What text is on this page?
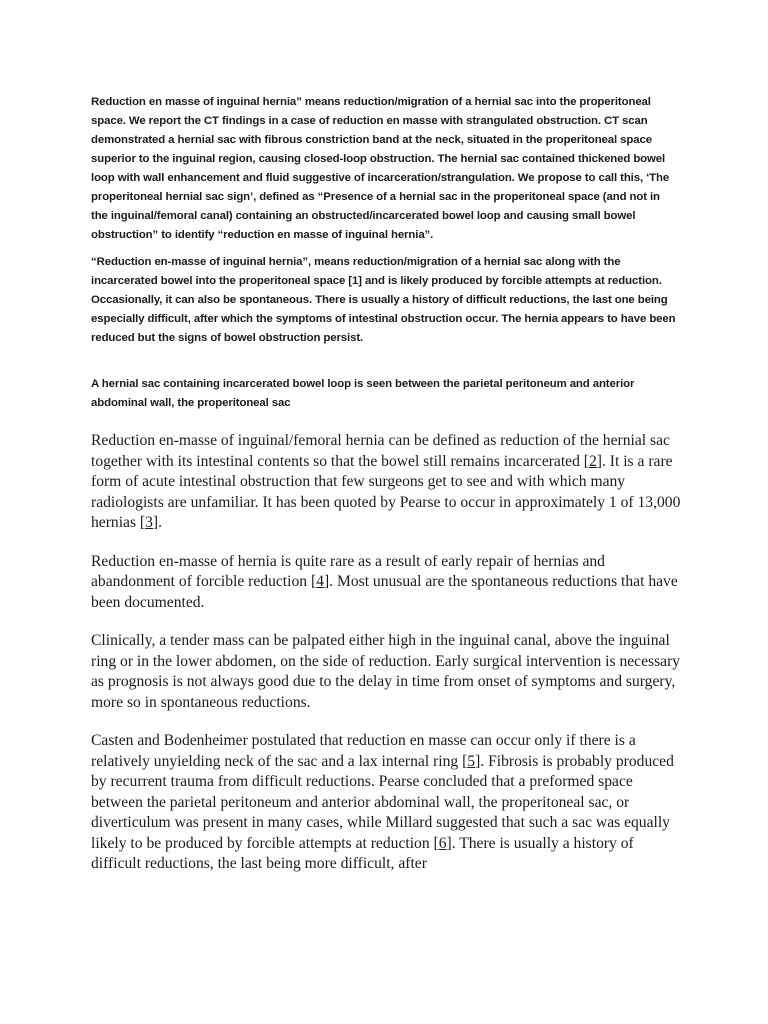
Reduction en masse of inguinal hernia” means reduction/migration of a hernial sac into the properitoneal space. We report the CT findings in a case of reduction en masse with strangulated obstruction. CT scan demonstrated a hernial sac with fibrous constriction band at the neck, situated in the properitoneal space superior to the inguinal region, causing closed-loop obstruction. The hernial sac contained thickened bowel loop with wall enhancement and fluid suggestive of incarceration/strangulation. We propose to call this, ‘The properitoneal hernial sac sign’, defined as “Presence of a hernial sac in the properitoneal space (and not in the inguinal/femoral canal) containing an obstructed/incarcerated bowel loop and causing small bowel obstruction” to identify “reduction en masse of inguinal hernia”.

“Reduction en-masse of inguinal hernia”, means reduction/migration of a hernial sac along with the incarcerated bowel into the properitoneal space [1] and is likely produced by forcible attempts at reduction. Occasionally, it can also be spontaneous. There is usually a history of difficult reductions, the last one being especially difficult, after which the symptoms of intestinal obstruction occur. The hernia appears to have been reduced but the signs of bowel obstruction persist.

A hernial sac containing incarcerated bowel loop is seen between the parietal peritoneum and anterior abdominal wall, the properitoneal sac

Reduction en-masse of inguinal/femoral hernia can be defined as reduction of the hernial sac together with its intestinal contents so that the bowel still remains incarcerated [2]. It is a rare form of acute intestinal obstruction that few surgeons get to see and with which many radiologists are unfamiliar. It has been quoted by Pearse to occur in approximately 1 of 13,000 hernias [3].

Reduction en-masse of hernia is quite rare as a result of early repair of hernias and abandonment of forcible reduction [4]. Most unusual are the spontaneous reductions that have been documented.

Clinically, a tender mass can be palpated either high in the inguinal canal, above the inguinal ring or in the lower abdomen, on the side of reduction. Early surgical intervention is necessary as prognosis is not always good due to the delay in time from onset of symptoms and surgery, more so in spontaneous reductions.

Casten and Bodenheimer postulated that reduction en masse can occur only if there is a relatively unyielding neck of the sac and a lax internal ring [5]. Fibrosis is probably produced by recurrent trauma from difficult reductions. Pearse concluded that a preformed space between the parietal peritoneum and anterior abdominal wall, the properitoneal sac, or diverticulum was present in many cases, while Millard suggested that such a sac was equally likely to be produced by forcible attempts at reduction [6]. There is usually a history of difficult reductions, the last being more difficult, after
